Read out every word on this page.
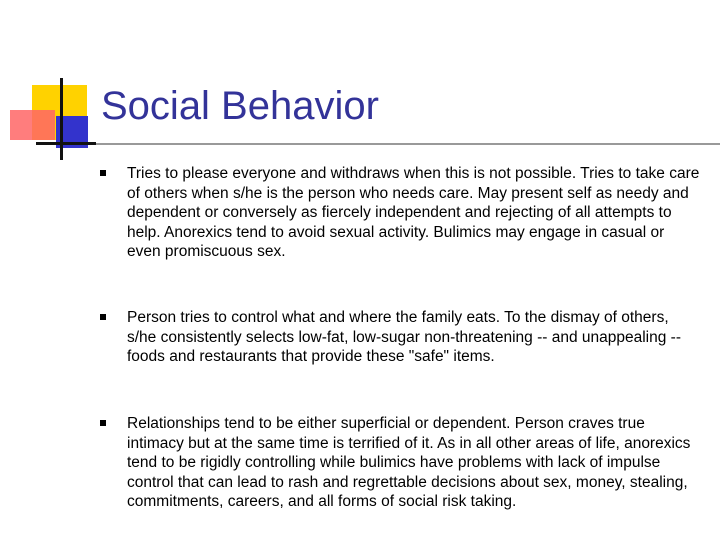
Social Behavior
Tries to please everyone and withdraws when this is not possible. Tries to take care of others when s/he is the person who needs care. May present self as needy and dependent or conversely as fiercely independent and rejecting of all attempts to help. Anorexics tend to avoid sexual activity. Bulimics may engage in casual or even promiscuous sex.
Person tries to control what and where the family eats. To the dismay of others, s/he consistently selects low-fat, low-sugar non-threatening -- and unappealing -- foods and restaurants that provide these "safe" items.
Relationships tend to be either superficial or dependent. Person craves true intimacy but at the same time is terrified of it. As in all other areas of life, anorexics tend to be rigidly controlling while bulimics have problems with lack of impulse control that can lead to rash and regrettable decisions about sex, money, stealing, commitments, careers, and all forms of social risk taking.
